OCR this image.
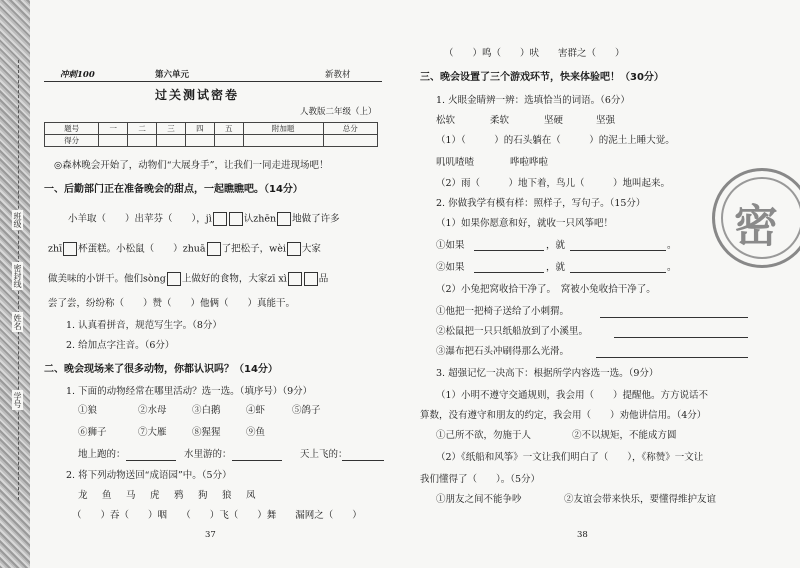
班级
密封线
姓名
学号
冲刺100	第六单元	新教材
过关测试密卷
人教版二年级（上）
题号	一	二	三	四	五	附加题	总分
得分							
◎森林晚会开始了，动物们“大展身手”，让我们一同走进现场吧！
一、后勤部门正在准备晚会的甜点，一起瞧瞧吧。（14分）
小羊取（　　）出苹芬（　　），jì	认zhēn 地做了许多
zhī 杯蛋糕。小松鼠（　　）zhuā 了把松子，wèi 大家
做美味的小饼干。他们sòng 上做好的食物，大家zī xì	品
尝了尝，纷纷称（　　）赞（　　）他俩（　　）真能干。
1. 认真看拼音，规范写生字。（8分）
2. 给加点字注音。（6分）
二、晚会现场来了很多动物，你都认识吗？（14分）
1. 下面的动物经常在哪里活动？选一选。（填序号）（9分）
①狼	②水母	③白鹅	④虾	⑤鸽子
⑥狮子	⑦大雁	⑧猩猩	⑨鱼
地上跑的：	水里游的：	天上飞的：
2. 将下列动物送回“成语园”中。（5分）
龙 鱼 马 虎 鸦 狗 狼 凤
（　　）吞（　　）咽　　（　　）飞（　　）舞　　漏网之（　　）
37
（　　）鸣（　　）吠　　害群之（　　）
三、晚会设置了三个游戏环节，快来体验吧！（30分）
1. 火眼金睛辨一辨：选填恰当的词语。（6分）
松软	柔软	坚硬	坚强
（1）（　　　）的石头躺在（　　　）的泥土上睡大觉。
叽叽喳喳	哗啦哗啦
（2）雨（　　　）地下着，鸟儿（　　　）地叫起来。
2. 你做我学有模有样：照样子，写句子。（15分）
（1）如果你愿意和好，就收一只风筝吧！
①如果	，就	。
②如果	，就	。
（2）小兔把窝收拾干净了。　窝被小兔收拾干净了。
①他把一把椅子送给了小刺猬。
②松鼠把一只只纸船放到了小溪里。
③瀑布把石头冲刷得那么光滑。
3. 超强记忆一决高下：根据所学内容选一选。（9分）
（1）小明不遵守交通规则，我会用（　　）提醒他。方方说话不
算数，没有遵守和朋友的约定，我会用（　　）劝他讲信用。（4分）
①己所不欲，勿施于人	②不以规矩，不能成方圆
（2）《纸船和风筝》一文让我们明白了（　　），《称赞》一文让
我们懂得了（　　）。（5分）
①朋友之间不能争吵	②友谊会带来快乐，要懂得维护友谊
38
密
